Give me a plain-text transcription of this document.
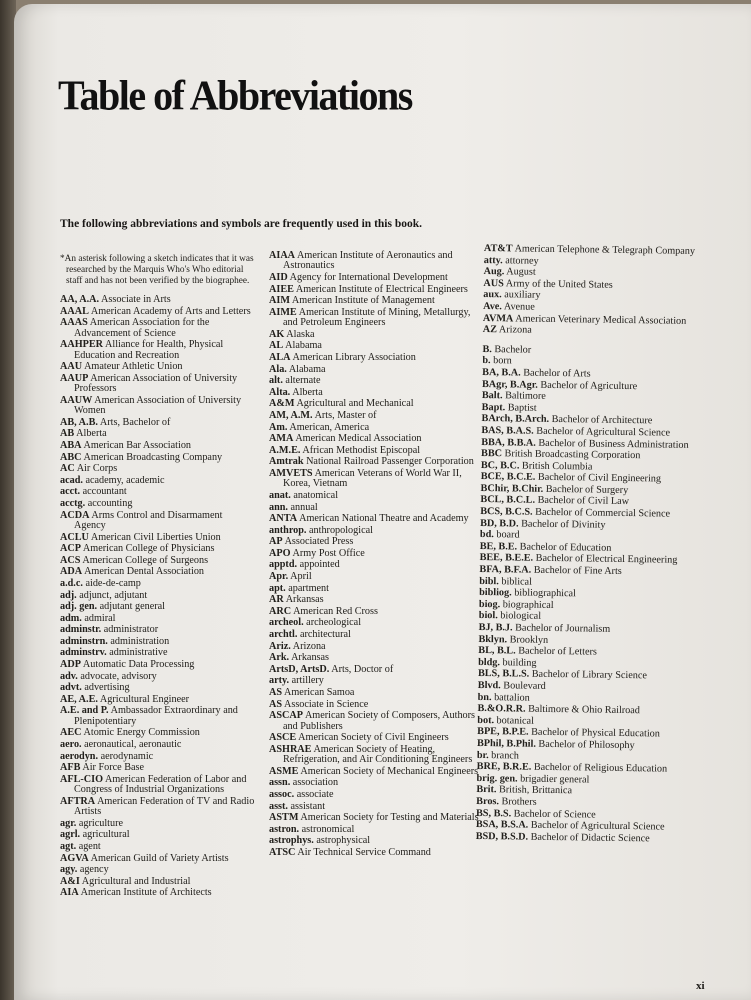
Table of Abbreviations
The following abbreviations and symbols are frequently used in this book.
*An asterisk following a sketch indicates that it was researched by the Marquis Who's Who editorial staff and has not been verified by the biographee.
AA, A.A. Associate in Arts
AAAL American Academy of Arts and Letters
AAAS American Association for the Advancement of Science
AAHPER Alliance for Health, Physical Education and Recreation
AAU Amateur Athletic Union
AAUP American Association of University Professors
AAUW American Association of University Women
AB, A.B. Arts, Bachelor of
AB Alberta
ABA American Bar Association
ABC American Broadcasting Company
AC Air Corps
acad. academy, academic
acct. accountant
acctg. accounting
ACDA Arms Control and Disarmament Agency
ACLU American Civil Liberties Union
ACP American College of Physicians
ACS American College of Surgeons
ADA American Dental Association
a.d.c. aide-de-camp
adj. adjunct, adjutant
adj. gen. adjutant general
adm. admiral
adminstr. administrator
adminstrn. administration
adminstrv. administrative
ADP Automatic Data Processing
adv. advocate, advisory
advt. advertising
AE, A.E. Agricultural Engineer
A.E. and P. Ambassador Extraordinary and Plenipotentiary
AEC Atomic Energy Commission
aero. aeronautical, aeronautic
aerodyn. aerodynamic
AFB Air Force Base
AFL-CIO American Federation of Labor and Congress of Industrial Organizations
AFTRA American Federation of TV and Radio Artists
agr. agriculture
agrl. agricultural
agt. agent
AGVA American Guild of Variety Artists
agy. agency
A&I Agricultural and Industrial
AIA American Institute of Architects
AIAA American Institute of Aeronautics and Astronautics
AID Agency for International Development
AIEE American Institute of Electrical Engineers
AIM American Institute of Management
AIME American Institute of Mining, Metallurgy, and Petroleum Engineers
AK Alaska
AL Alabama
ALA American Library Association
Ala. Alabama
alt. alternate
Alta. Alberta
A&M Agricultural and Mechanical
AM, A.M. Arts, Master of
Am. American, America
AMA American Medical Association
A.M.E. African Methodist Episcopal
Amtrak National Railroad Passenger Corporation
AMVETS American Veterans of World War II, Korea, Vietnam
anat. anatomical
ann. annual
ANTA American National Theatre and Academy
anthrop. anthropological
AP Associated Press
APO Army Post Office
apptd. appointed
Apr. April
apt. apartment
AR Arkansas
ARC American Red Cross
archeol. archeological
archtl. architectural
Ariz. Arizona
Ark. Arkansas
ArtsD, ArtsD. Arts, Doctor of
arty. artillery
AS American Samoa
AS Associate in Science
ASCAP American Society of Composers, Authors and Publishers
ASCE American Society of Civil Engineers
ASHRAE American Society of Heating, Refrigeration, and Air Conditioning Engineers
ASME American Society of Mechanical Engineers
assn. association
assoc. associate
asst. assistant
ASTM American Society for Testing and Materials
astron. astronomical
astrophys. astrophysical
ATSC Air Technical Service Command
AT&T American Telephone & Telegraph Company
atty. attorney
Aug. August
AUS Army of the United States
aux. auxiliary
Ave. Avenue
AVMA American Veterinary Medical Association
AZ Arizona
B. Bachelor
b. born
BA, B.A. Bachelor of Arts
BAgr, B.Agr. Bachelor of Agriculture
Balt. Baltimore
Bapt. Baptist
BArch, B.Arch. Bachelor of Architecture
BAS, B.A.S. Bachelor of Agricultural Science
BBA, B.B.A. Bachelor of Business Administration
BBC British Broadcasting Corporation
BC, B.C. British Columbia
BCE, B.C.E. Bachelor of Civil Engineering
BChir, B.Chir. Bachelor of Surgery
BCL, B.C.L. Bachelor of Civil Law
BCS, B.C.S. Bachelor of Commercial Science
BD, B.D. Bachelor of Divinity
bd. board
BE, B.E. Bachelor of Education
BEE, B.E.E. Bachelor of Electrical Engineering
BFA, B.F.A. Bachelor of Fine Arts
bibl. biblical
bibliog. bibliographical
biog. biographical
biol. biological
BJ, B.J. Bachelor of Journalism
Bklyn. Brooklyn
BL, B.L. Bachelor of Letters
bldg. building
BLS, B.L.S. Bachelor of Library Science
Blvd. Boulevard
bn. battalion
B.&O.R.R. Baltimore & Ohio Railroad
bot. botanical
BPE, B.P.E. Bachelor of Physical Education
BPhil, B.Phil. Bachelor of Philosophy
br. branch
BRE, B.R.E. Bachelor of Religious Education
brig. gen. brigadier general
Brit. British, Brittanica
Bros. Brothers
BS, B.S. Bachelor of Science
BSA, B.S.A. Bachelor of Agricultural Science
BSD, B.S.D. Bachelor of Didactic Science
xi
